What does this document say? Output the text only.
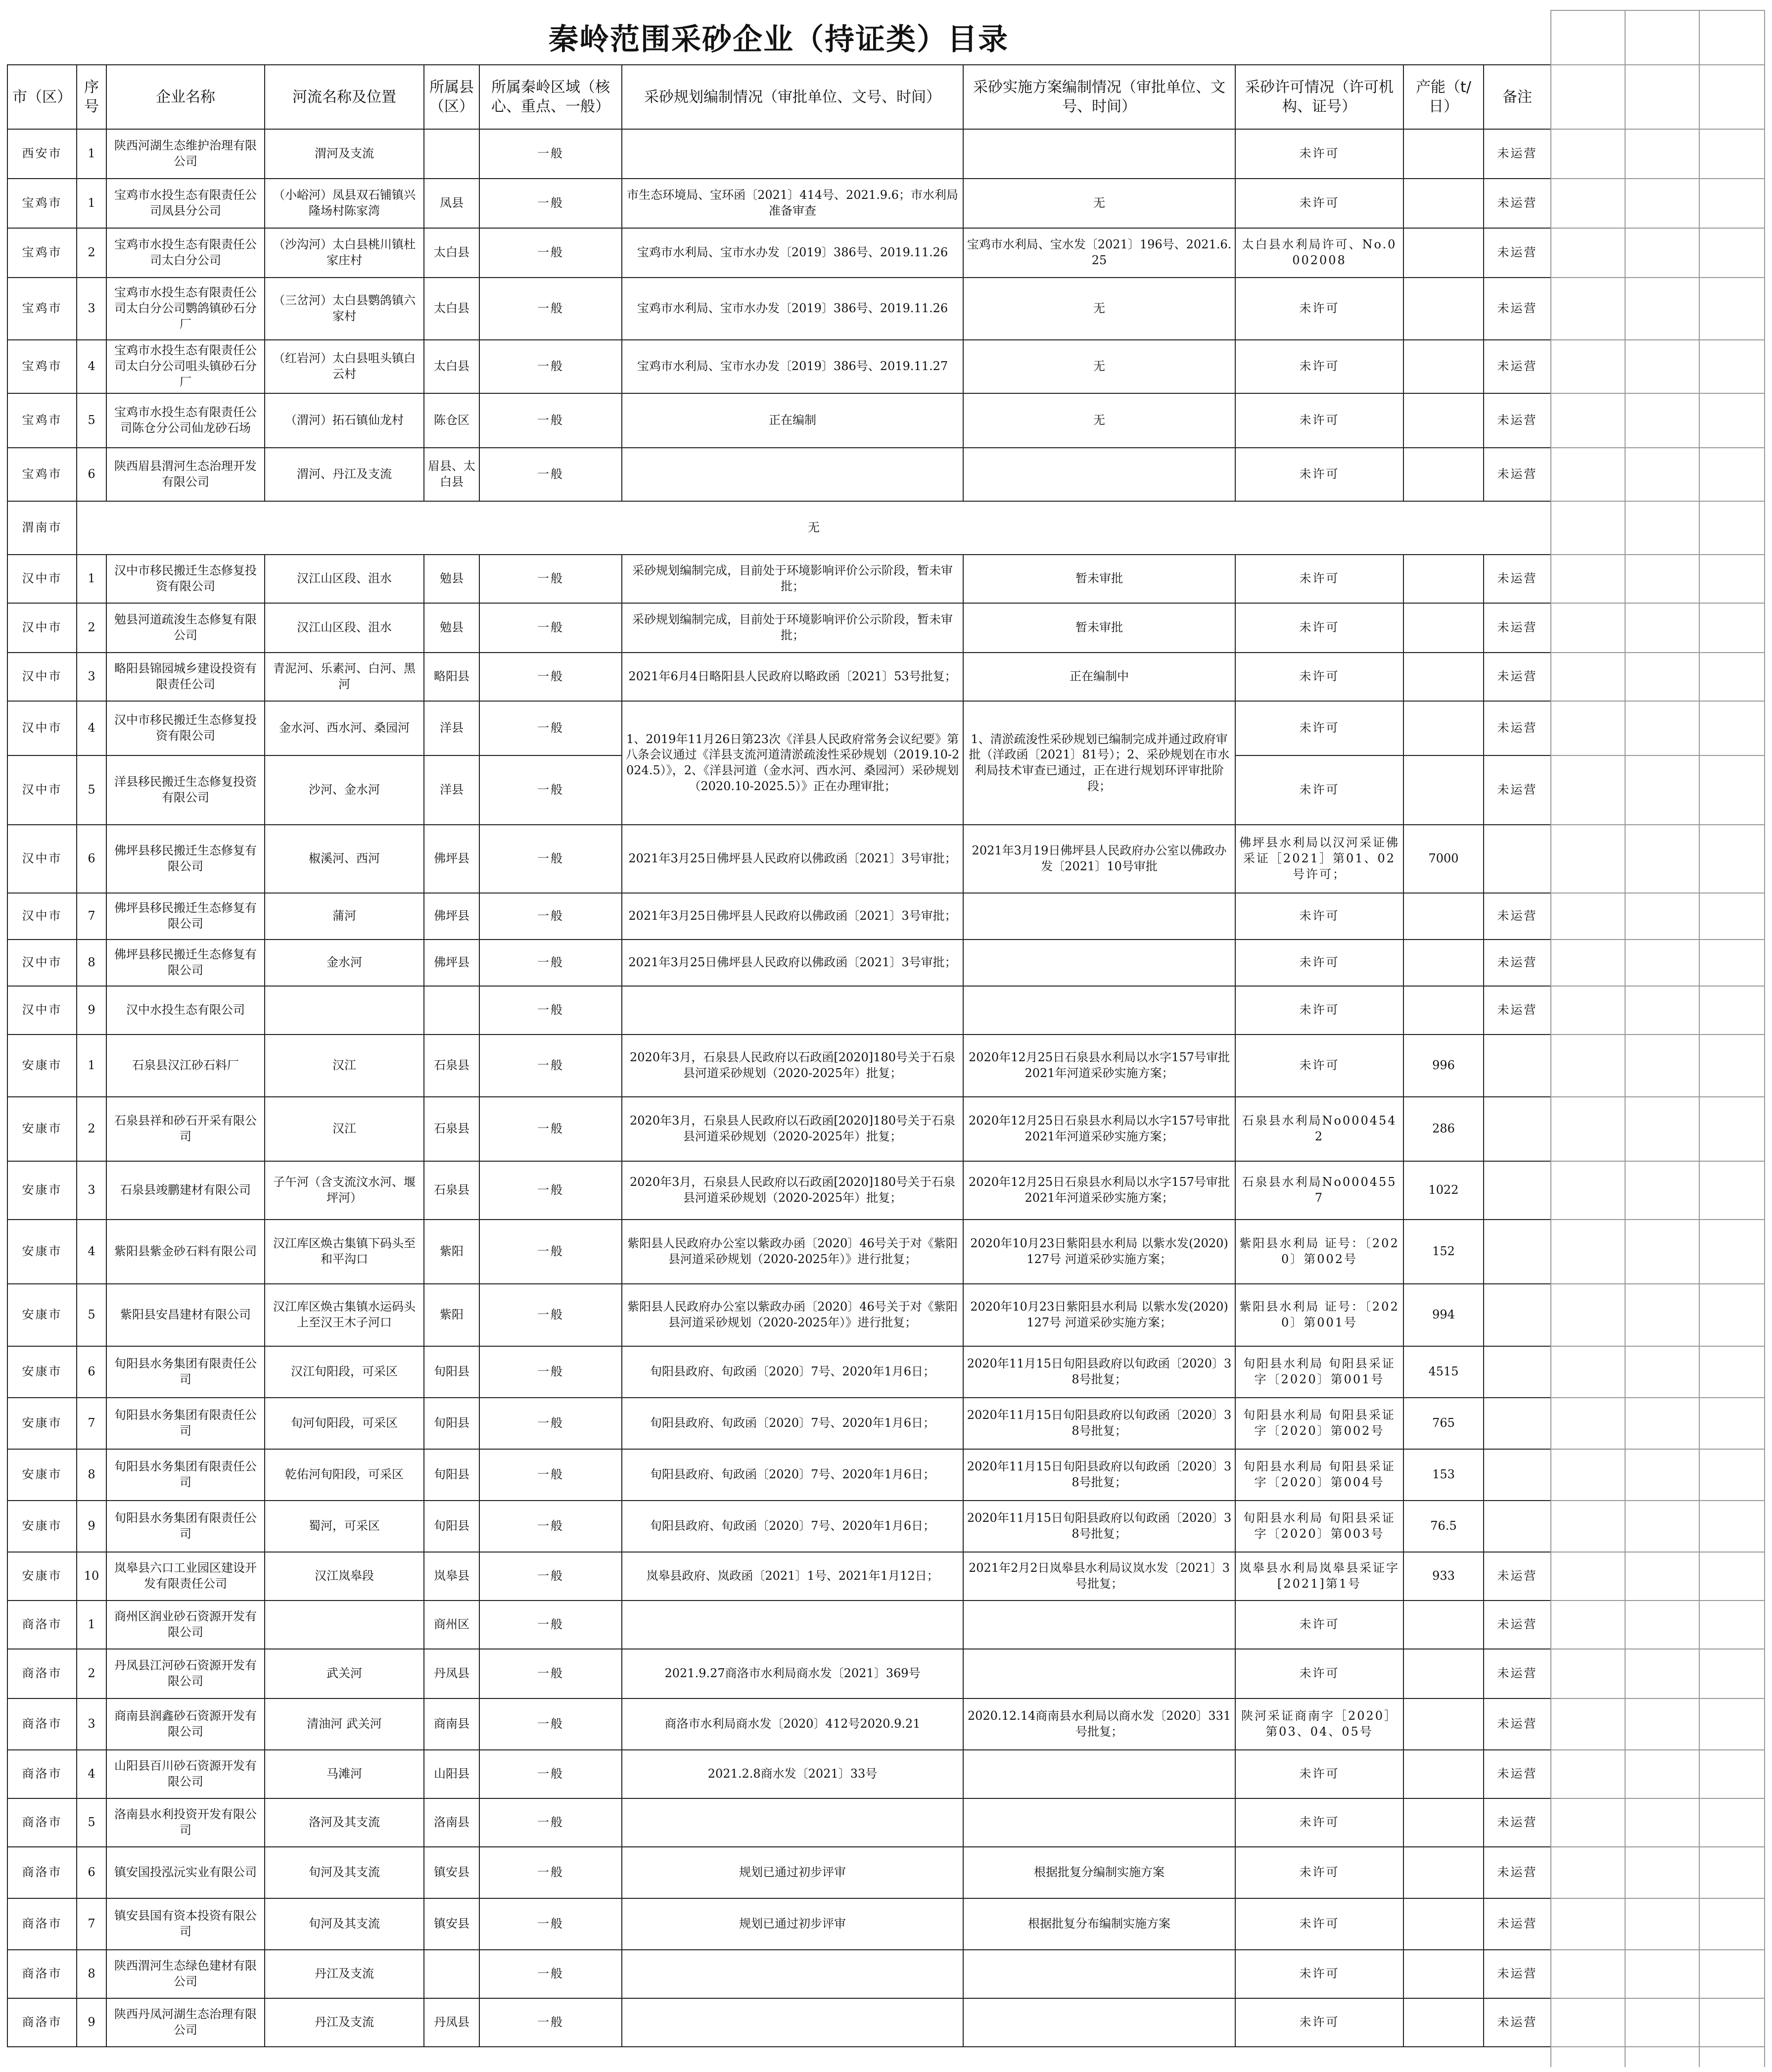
秦岭范围采砂企业（持证类）目录
市（区）	序号	企业名称	河流名称及位置	所属县（区）	所属秦岭区域（核心、重点、一般）	采砂规划编制情况（审批单位、文号、时间）	采砂实施方案编制情况（审批单位、文号、时间）	采砂许可情况（许可机构、证号）	产能（t/日）	备注
西安市	1	陕西河湖生态维护治理有限公司	渭河及支流		一般			未许可		未运营
宝鸡市	1	宝鸡市水投生态有限责任公司凤县分公司	（小峪河）凤县双石铺镇兴隆场村陈家湾	凤县	一般	市生态环境局、宝环函〔2021〕414号、2021.9.6；市水利局准备审查	无	未许可		未运营
宝鸡市	2	宝鸡市水投生态有限责任公司太白分公司	（沙沟河）太白县桃川镇杜家庄村	太白县	一般	宝鸡市水利局、宝市水办发〔2019〕386号、2019.11.26	宝鸡市水利局、宝水发〔2021〕196号、2021.6.25	太白县水利局许可、No.0002008		未运营
宝鸡市	3	宝鸡市水投生态有限责任公司太白分公司鹦鸽镇砂石分厂	（三岔河）太白县鹦鸽镇六家村	太白县	一般	宝鸡市水利局、宝市水办发〔2019〕386号、2019.11.26	无	未许可		未运营
宝鸡市	4	宝鸡市水投生态有限责任公司太白分公司咀头镇砂石分厂	（红岩河）太白县咀头镇白云村	太白县	一般	宝鸡市水利局、宝市水办发〔2019〕386号、2019.11.27	无	未许可		未运营
宝鸡市	5	宝鸡市水投生态有限责任公司陈仓分公司仙龙砂石场	（渭河）拓石镇仙龙村	陈仓区	一般	正在编制	无	未许可		未运营
宝鸡市	6	陕西眉县渭河生态治理开发有限公司	渭河、丹江及支流	眉县、太白县	一般			未许可		未运营
渭南市	无									
汉中市	1	汉中市移民搬迁生态修复投资有限公司	汉江山区段、沮水	勉县	一般	采砂规划编制完成，目前处于环境影响评价公示阶段，暂未审批；	暂未审批	未许可		未运营
汉中市	2	勉县河道疏浚生态修复有限公司	汉江山区段、沮水	勉县	一般	采砂规划编制完成，目前处于环境影响评价公示阶段，暂未审批；	暂未审批	未许可		未运营
汉中市	3	略阳县锦园城乡建设投资有限责任公司	青泥河、乐素河、白河、黑河	略阳县	一般	2021年6月4日略阳县人民政府以略政函〔2021〕53号批复；	正在编制中	未许可		未运营
汉中市	4	汉中市移民搬迁生态修复投资有限公司	金水河、西水河、桑园河	洋县	一般	1、2019年11月26日第23次《洋县人民政府常务会议纪要》第八条会议通过《洋县支流河道清淤疏浚性采砂规划（2019.10-2024.5）》，2、《洋县河道（金水河、西水河、桑园河）采砂规划（2020.10-2025.5）》正在办理审批；	1、清淤疏浚性采砂规划已编制完成并通过政府审批（洋政函〔2021〕81号）；2、采砂规划在市水利局技术审查已通过，正在进行规划环评审批阶段；	未许可		未运营
汉中市	5	洋县移民搬迁生态修复投资有限公司	沙河、金水河	洋县	一般			未许可		未运营
汉中市	6	佛坪县移民搬迁生态修复有限公司	椒溪河、西河	佛坪县	一般	2021年3月25日佛坪县人民政府以佛政函〔2021〕3号审批；	2021年3月19日佛坪县人民政府办公室以佛政办发〔2021〕10号审批	佛坪县水利局以汉河采证佛采证［2021］第01、02号许可；	7000	
汉中市	7	佛坪县移民搬迁生态修复有限公司	蒲河	佛坪县	一般	2021年3月25日佛坪县人民政府以佛政函〔2021〕3号审批；		未许可		未运营
汉中市	8	佛坪县移民搬迁生态修复有限公司	金水河	佛坪县	一般	2021年3月25日佛坪县人民政府以佛政函〔2021〕3号审批；		未许可		未运营
汉中市	9	汉中水投生态有限公司			一般			未许可		未运营
安康市	1	石泉县汉江砂石料厂	汉江	石泉县	一般	2020年3月，石泉县人民政府以石政函[2020]180号关于石泉县河道采砂规划（2020-2025年）批复；	2020年12月25日石泉县水利局以水字157号审批2021年河道采砂实施方案；	未许可	996	
安康市	2	石泉县祥和砂石开采有限公司	汉江	石泉县	一般	2020年3月，石泉县人民政府以石政函[2020]180号关于石泉县河道采砂规划（2020-2025年）批复；	2020年12月25日石泉县水利局以水字157号审批2021年河道采砂实施方案；	石泉县水利局No0004542	286	
安康市	3	石泉县竣鹏建材有限公司	子午河（含支流汶水河、堰坪河）	石泉县	一般	2020年3月，石泉县人民政府以石政函[2020]180号关于石泉县河道采砂规划（2020-2025年）批复；	2020年12月25日石泉县水利局以水字157号审批2021年河道采砂实施方案；	石泉县水利局No0004557	1022	
安康市	4	紫阳县紫金砂石料有限公司	汉江库区焕古集镇下码头至和平沟口	紫阳	一般	紫阳县人民政府办公室以紫政办函〔2020〕46号关于对《紫阳县河道采砂规划（2020-2025年）》进行批复；	2020年10月23日紫阳县水利局 以紫水发(2020) 127号 河道采砂实施方案；	紫阳县水利局 证号：〔2020〕第002号	152	
安康市	5	紫阳县安昌建材有限公司	汉江库区焕古集镇水运码头上至汉王木子河口	紫阳	一般	紫阳县人民政府办公室以紫政办函〔2020〕46号关于对《紫阳县河道采砂规划（2020-2025年）》进行批复；	2020年10月23日紫阳县水利局 以紫水发(2020) 127号 河道采砂实施方案；	紫阳县水利局 证号：〔2020〕第001号	994	
安康市	6	旬阳县水务集团有限责任公司	汉江旬阳段，可采区	旬阳县	一般	旬阳县政府、旬政函〔2020〕7号、2020年1月6日；	2020年11月15日旬阳县政府以旬政函〔2020〕38号批复；	旬阳县水利局 旬阳县采证字〔2020〕第001号	4515	
安康市	7	旬阳县水务集团有限责任公司	旬河旬阳段，可采区	旬阳县	一般	旬阳县政府、旬政函〔2020〕7号、2020年1月6日；	2020年11月15日旬阳县政府以旬政函〔2020〕38号批复；	旬阳县水利局 旬阳县采证字〔2020〕第002号	765	
安康市	8	旬阳县水务集团有限责任公司	乾佑河旬阳段，可采区	旬阳县	一般	旬阳县政府、旬政函〔2020〕7号、2020年1月6日；	2020年11月15日旬阳县政府以旬政函〔2020〕38号批复；	旬阳县水利局 旬阳县采证字〔2020〕第004号	153	
安康市	9	旬阳县水务集团有限责任公司	蜀河，可采区	旬阳县	一般	旬阳县政府、旬政函〔2020〕7号、2020年1月6日；	2020年11月15日旬阳县政府以旬政函〔2020〕38号批复；	旬阳县水利局 旬阳县采证字〔2020〕第003号	76.5	
安康市	10	岚皋县六口工业园区建设开发有限责任公司	汉江岚皋段	岚皋县	一般	岚皋县政府、岚政函〔2021〕1号、2021年1月12日；	2021年2月2日岚皋县水利局议岚水发〔2021〕3 号批复；	岚皋县水利局岚皋县采证字[2021]第1号	933	未运营
商洛市	1	商州区润业砂石资源开发有限公司		商州区	一般			未许可		未运营
商洛市	2	丹凤县江河砂石资源开发有限公司	武关河	丹凤县	一般	2021.9.27商洛市水利局商水发〔2021〕369号		未许可		未运营
商洛市	3	商南县润鑫砂石资源开发有限公司	清油河 武关河	商南县	一般	商洛市水利局商水发〔2020〕412号2020.9.21	2020.12.14商南县水利局以商水发〔2020〕331号批复；	陕河采证商南字［2020］第03、04、05号		未运营
商洛市	4	山阳县百川砂石资源开发有限公司	马滩河	山阳县	一般	2021.2.8商水发〔2021〕33号		未许可		未运营
商洛市	5	洛南县水利投资开发有限公司	洛河及其支流	洛南县	一般			未许可		未运营
商洛市	6	镇安国投泓沅实业有限公司	旬河及其支流	镇安县	一般	规划已通过初步评审	根据批复分编制实施方案	未许可		未运营
商洛市	7	镇安县国有资本投资有限公司	旬河及其支流	镇安县	一般	规划已通过初步评审	根据批复分布编制实施方案	未许可		未运营
商洛市	8	陕西渭河生态绿色建材有限公司	丹江及支流		一般			未许可		未运营
商洛市	9	陕西丹凤河湖生态治理有限公司	丹江及支流	丹凤县	一般			未许可		未运营
